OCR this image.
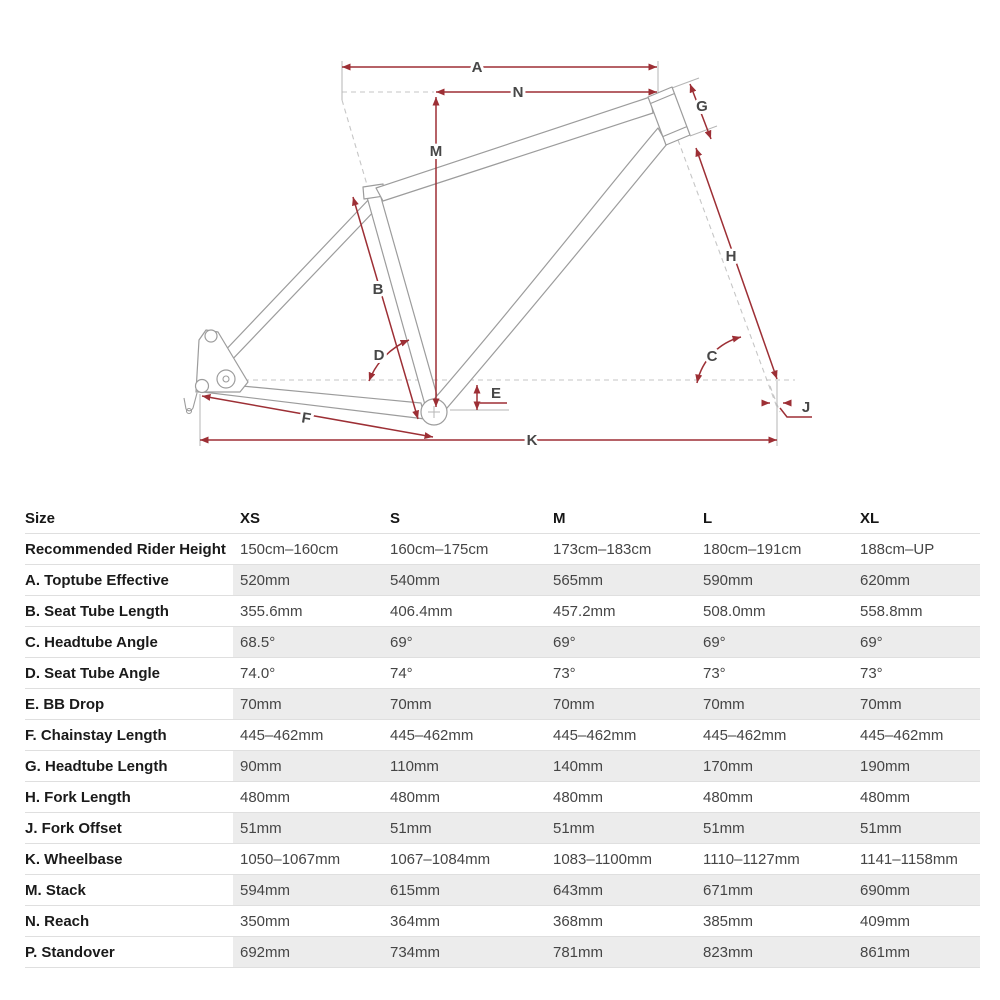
A
N
M
G
H
C
B
D
E
J
F
K
Size	XS	S	M	L	XL
Recommended Rider Height	150cm–160cm	160cm–175cm	173cm–183cm	180cm–191cm	188cm–UP
A. Toptube Effective	520mm	540mm	565mm	590mm	620mm
B. Seat Tube Length	355.6mm	406.4mm	457.2mm	508.0mm	558.8mm
C. Headtube Angle	68.5°	69°	69°	69°	69°
D. Seat Tube Angle	74.0°	74°	73°	73°	73°
E. BB Drop	70mm	70mm	70mm	70mm	70mm
F. Chainstay Length	445–462mm	445–462mm	445–462mm	445–462mm	445–462mm
G. Headtube Length	90mm	110mm	140mm	170mm	190mm
H. Fork Length	480mm	480mm	480mm	480mm	480mm
J. Fork Offset	51mm	51mm	51mm	51mm	51mm
K. Wheelbase	1050–1067mm	1067–1084mm	1083–1100mm	1110–1127mm	1141–1158mm
M. Stack	594mm	615mm	643mm	671mm	690mm
N. Reach	350mm	364mm	368mm	385mm	409mm
P. Standover	692mm	734mm	781mm	823mm	861mm
